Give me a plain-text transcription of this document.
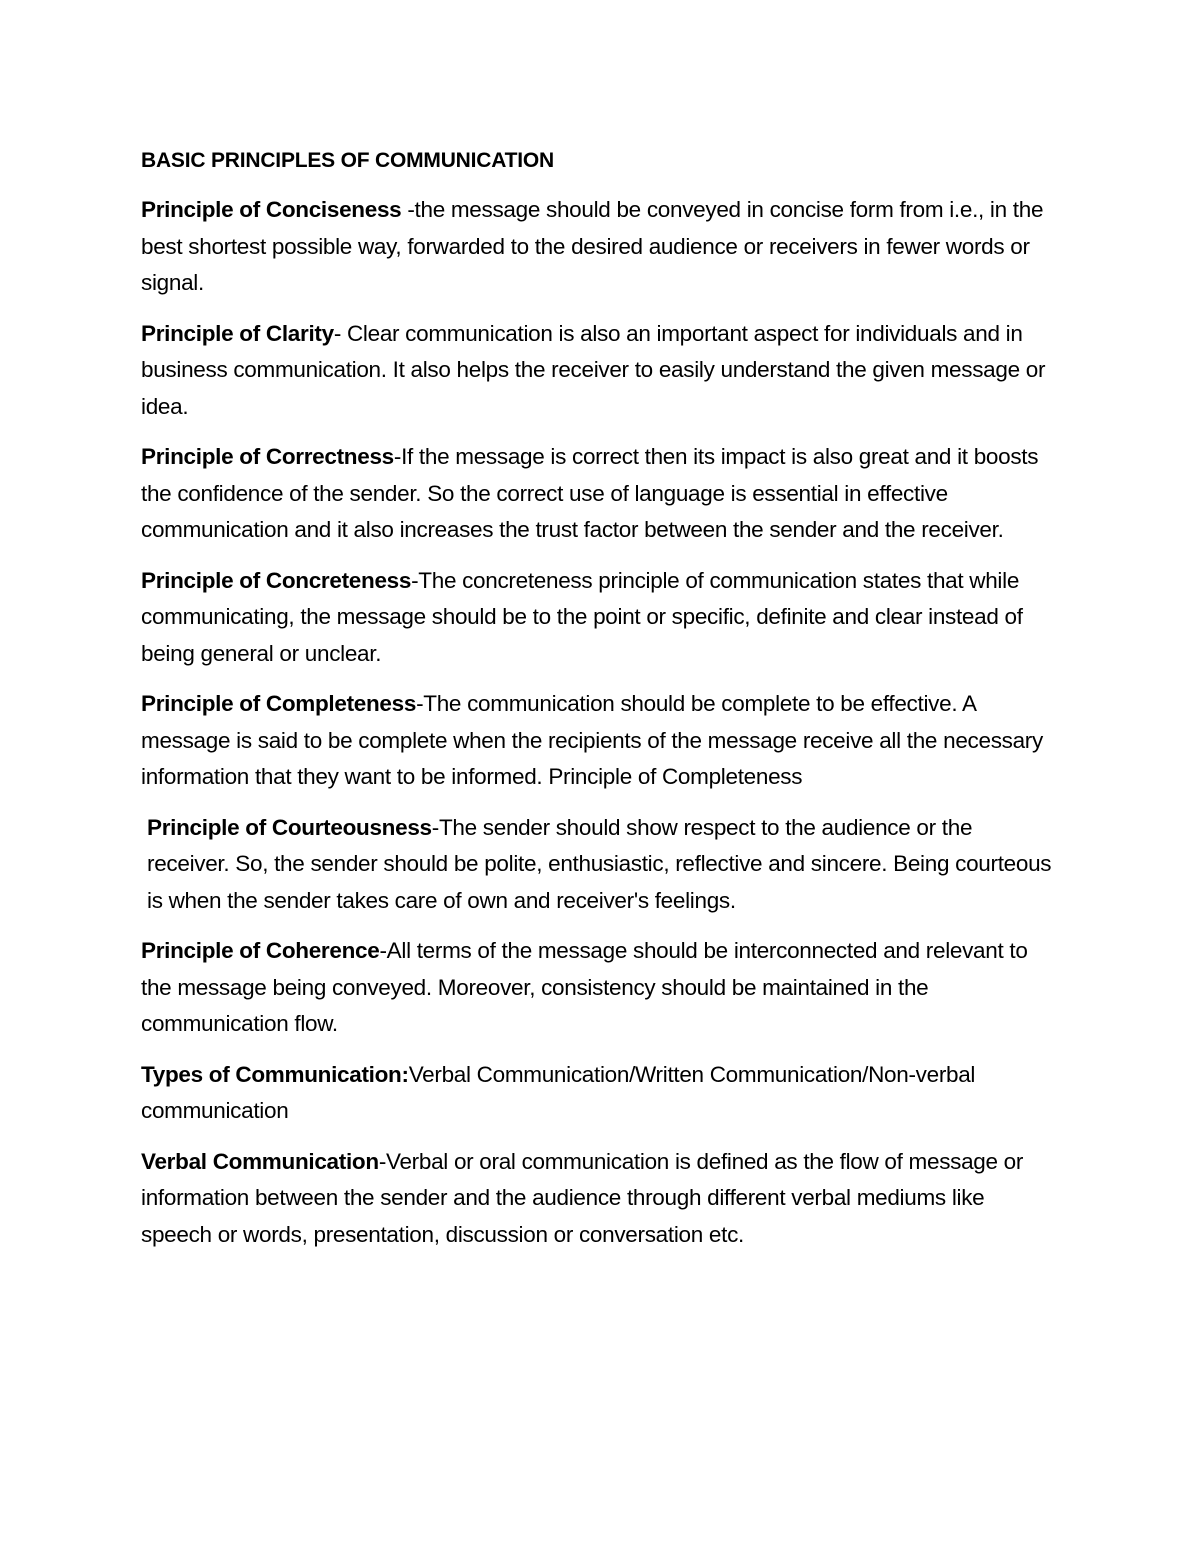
BASIC PRINCIPLES OF COMMUNICATION

Principle of Conciseness -the message should be conveyed in concise form from i.e., in the best shortest possible way, forwarded to the desired audience or receivers in fewer words or signal.

Principle of Clarity- Clear communication is also an important aspect for individuals and in business communication. It also helps the receiver to easily understand the given message or idea.

Principle of Correctness-If the message is correct then its impact is also great and it boosts the confidence of the sender. So the correct use of language is essential in effective communication and it also increases the trust factor between the sender and the receiver.

Principle of Concreteness-The concreteness principle of communication states that while communicating, the message should be to the point or specific, definite and clear instead of being general or unclear.

Principle of Completeness-The communication should be complete to be effective. A message is said to be complete when the recipients of the message receive all the necessary information that they want to be informed. Principle of Completeness

Principle of Courteousness-The sender should show respect to the audience or the receiver. So, the sender should be polite, enthusiastic, reflective and sincere. Being courteous is when the sender takes care of own and receiver's feelings.

Principle of Coherence-All terms of the message should be interconnected and relevant to the message being conveyed. Moreover, consistency should be maintained in the communication flow.

Types of Communication:Verbal Communication/Written Communication/Non-verbal communication

Verbal Communication-Verbal or oral communication is defined as the flow of message or information between the sender and the audience through different verbal mediums like speech or words, presentation, discussion or conversation etc.
